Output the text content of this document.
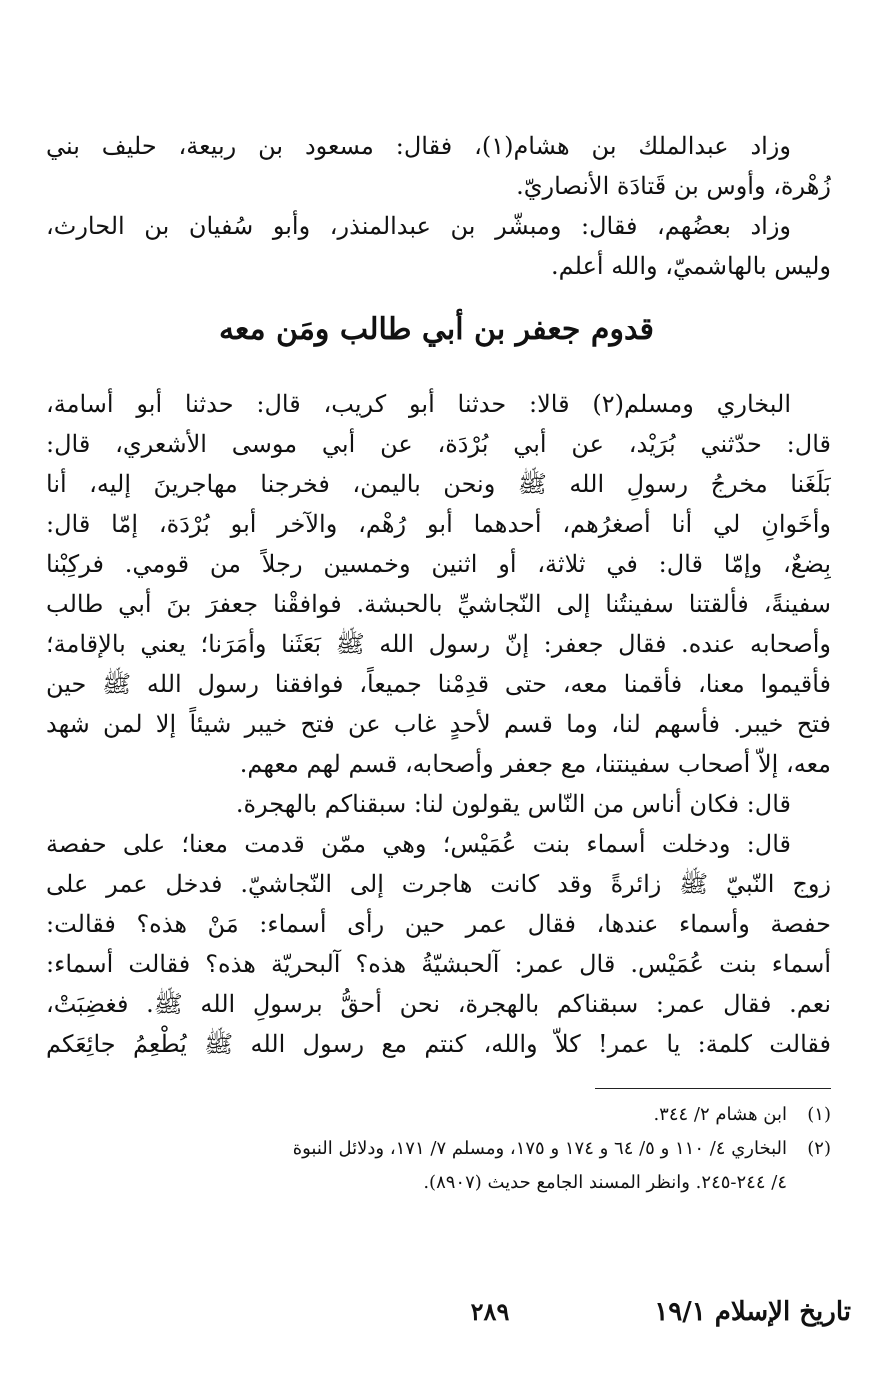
وزاد عبدالملك بن هشام(١)، فقال: مسعود بن ربيعة، حليف بني
زُهْرة، وأوس بن قَتادَة الأنصاريّ.
وزاد بعضُهم، فقال: ومبشّر بن عبدالمنذر، وأبو سُفيان بن الحارث،
وليس بالهاشميّ، والله أعلم.
قدوم جعفر بن أبي طالب ومَن معه
البخاري ومسلم(٢) قالا: حدثنا أبو كريب، قال: حدثنا أبو أسامة،
قال: حدّثني بُرَيْد، عن أبي بُرْدَة، عن أبي موسى الأشعري، قال:
بَلَغَنا مخرجُ رسولِ الله ﷺ ونحن باليمن، فخرجنا مهاجرينَ إليه، أنا
وأخَوانِ لي أنا أصغرُهم، أحدهما أبو رُهْم، والآخر أبو بُرْدَة، إمّا قال:
بِضعٌ، وإمّا قال: في ثلاثة، أو اثنين وخمسين رجلاً من قومي. فركِبْنا
سفينةً، فألقتنا سفينتُنا إلى النّجاشيِّ بالحبشة. فوافقْنا جعفرَ بنَ أبي طالب
وأصحابه عنده. فقال جعفر: إنّ رسول الله ﷺ بَعَثَنا وأمَرَنا؛ يعني بالإقامة؛
فأقيموا معنا، فأقمنا معه، حتى قدِمْنا جميعاً، فوافقنا رسول الله ﷺ حين
فتح خيبر. فأسهم لنا، وما قسم لأحدٍ غاب عن فتح خيبر شيئاً إلا لمن شهد
معه، إلاّ أصحاب سفينتنا، مع جعفر وأصحابه، قسم لهم معهم.
قال: فكان أناس من النّاس يقولون لنا: سبقناكم بالهجرة.
قال: ودخلت أسماء بنت عُمَيْس؛ وهي ممّن قدمت معنا؛ على حفصة
زوج النّبيّ ﷺ زائرةً وقد كانت هاجرت إلى النّجاشيّ. فدخل عمر على
حفصة وأسماء عندها، فقال عمر حين رأى أسماء: مَنْ هذه؟ فقالت:
أسماء بنت عُمَيْس. قال عمر: آلحبشيّةُ هذه؟ آلبحريّة هذه؟ فقالت أسماء:
نعم. فقال عمر: سبقناكم بالهجرة، نحن أحقُّ برسولِ الله ﷺ. فغضِبَتْ،
فقالت كلمة: يا عمر! كلاّ والله، كنتم مع رسول الله ﷺ يُطْعِمُ جائِعَكم
(١)ابن هشام ٢/ ٣٤٤.
(٢)البخاري ٤/ ١١٠ و ٥/ ٦٤ و ١٧٤ و ١٧٥، ومسلم ٧/ ١٧١، ودلائل النبوة
٤/ ٢٤٤-٢٤٥. وانظر المسند الجامع حديث (٨٩٠٧).
تاريخ الإسلام ١٩/١
٢٨٩
